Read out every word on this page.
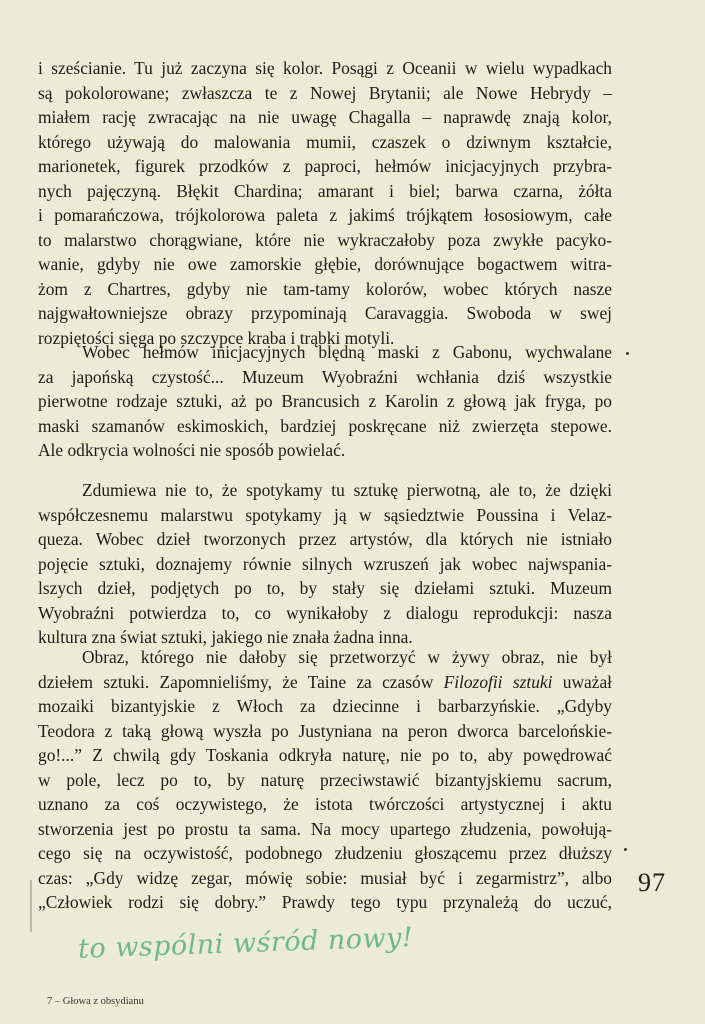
i sześcianie. Tu już zaczyna się kolor. Posągi z Oceanii w wielu wypadkach
są pokolorowane; zwłaszcza te z Nowej Brytanii; ale Nowe Hebrydy –
miałem rację zwracając na nie uwagę Chagalla – naprawdę znają kolor,
którego używają do malowania mumii, czaszek o dziwnym kształcie,
marionetek, figurek przodków z paproci, hełmów inicjacyjnych przybra-
nych pajęczyną. Błękit Chardina; amarant i biel; barwa czarna, żółta
i pomarańczowa, trójkolorowa paleta z jakimś trójkątem łososiowym, całe
to malarstwo chorągwiane, które nie wykraczałoby poza zwykłe pacyko-
wanie, gdyby nie owe zamorskie głębie, dorównujące bogactwem witra-
żom z Chartres, gdyby nie tam-tamy kolorów, wobec których nasze
najgwałtowniejsze obrazy przypominają Caravaggia. Swoboda w swej
rozpiętości sięga po szczypce kraba i trąbki motyli.
Wobec hełmów inicjacyjnych blędną maski z Gabonu, wychwalane
za japońską czystość... Muzeum Wyobraźni wchłania dziś wszystkie
pierwotne rodzaje sztuki, aż po Brancusich z Karolin z głową jak fryga, po
maski szamanów eskimoskich, bardziej poskręcane niż zwierzęta stepowe.
Ale odkrycia wolności nie sposób powielać.
Zdumiewa nie to, że spotykamy tu sztukę pierwotną, ale to, że dzięki
współczesnemu malarstwu spotykamy ją w sąsiedztwie Poussina i Velaz-
queza. Wobec dzieł tworzonych przez artystów, dla których nie istniało
pojęcie sztuki, doznajemy równie silnych wzruszeń jak wobec najwspania-
lszych dzieł, podjętych po to, by stały się dziełami sztuki. Muzeum
Wyobraźni potwierdza to, co wynikałoby z dialogu reprodukcji: nasza
kultura zna świat sztuki, jakiego nie znała żadna inna.
Obraz, którego nie dałoby się przetworzyć w żywy obraz, nie był
dziełem sztuki. Zapomnieliśmy, że Taine za czasów Filozofii sztuki uważał
mozaiki bizantyjskie z Włoch za dziecinne i barbarzyńskie. „Gdyby
Teodora z taką głową wyszła po Justyniana na peron dworca barcelońskie-
go!...” Z chwilą gdy Toskania odkryła naturę, nie po to, aby powędrować
w pole, lecz po to, by naturę przeciwstawić bizantyjskiemu sacrum,
uznano za coś oczywistego, że istota twórczości artystycznej i aktu
stworzenia jest po prostu ta sama. Na mocy upartego złudzenia, powołują-
cego się na oczywistość, podobnego złudzeniu głoszącemu przez dłuższy
czas: „Gdy widzę zegar, mówię sobie: musiał być i zegarmistrz”, albo
„Człowiek rodzi się dobry.” Prawdy tego typu przynależą do uczuć,
97
to wspólni wśród nowy!
7 – Głowa z obsydianu
